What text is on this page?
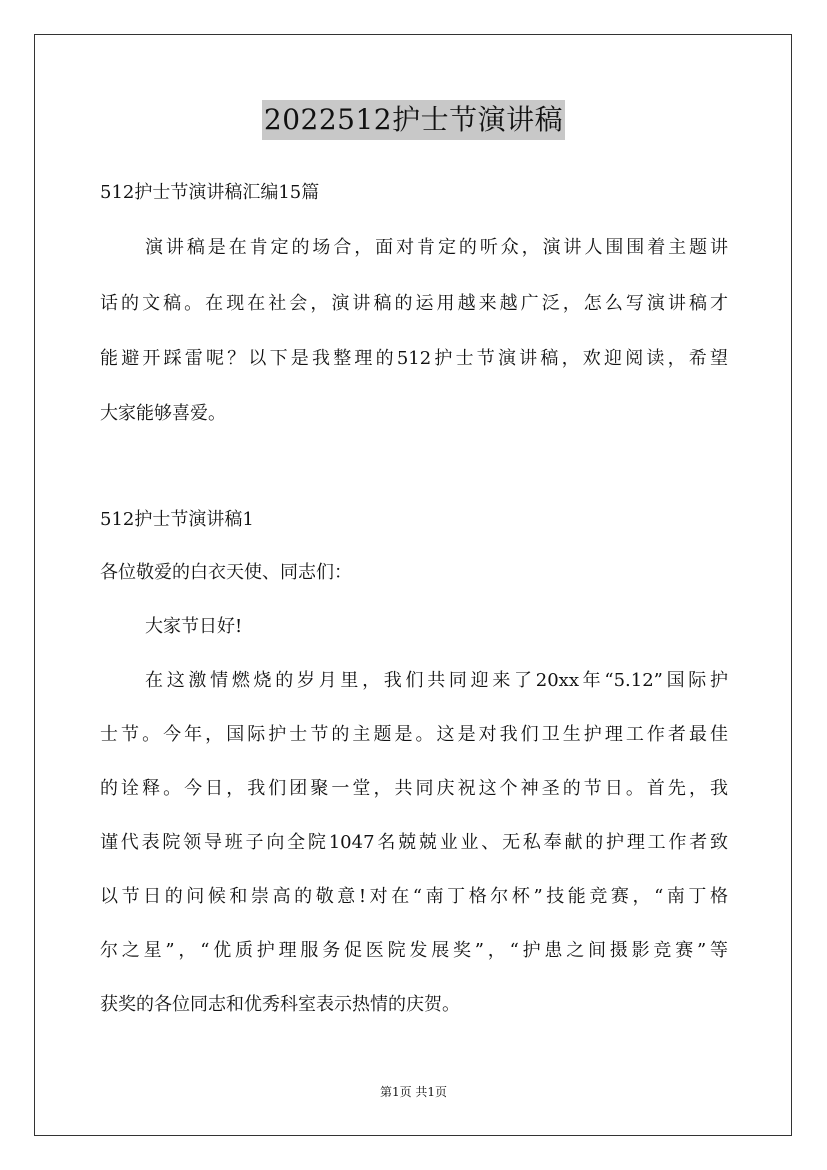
2022512护士节演讲稿
512护士节演讲稿汇编15篇
演讲稿是在肯定的场合，面对肯定的听众，演讲人围围着主题讲
话的文稿。在现在社会，演讲稿的运用越来越广泛，怎么写演讲稿才
能避开踩雷呢？以下是我整理的512护士节演讲稿，欢迎阅读，希望
大家能够喜爱。
512护士节演讲稿1
各位敬爱的白衣天使、同志们：
大家节日好!
在这激情燃烧的岁月里，我们共同迎来了20xx年“5.12”国际护
士节。今年，国际护士节的主题是。这是对我们卫生护理工作者最佳
的诠释。今日，我们团聚一堂，共同庆祝这个神圣的节日。首先，我
谨代表院领导班子向全院1047名兢兢业业、无私奉献的护理工作者致
以节日的问候和崇高的敬意!对在“南丁格尔杯”技能竞赛，“南丁格
尔之星”，“优质护理服务促医院发展奖”，“护患之间摄影竞赛”等
获奖的各位同志和优秀科室表示热情的庆贺。
第1页 共1页
